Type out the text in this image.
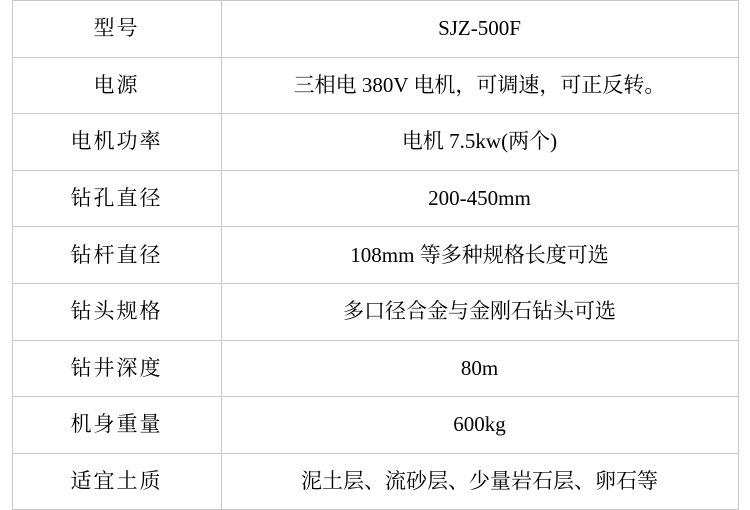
型号	SJZ-500F
电源	三相电 380V 电机，可调速，可正反转。
电机功率	电机 7.5kw(两个)
钻孔直径	200-450mm
钻杆直径	108mm 等多种规格长度可选
钻头规格	多口径合金与金刚石钻头可选
钻井深度	80m
机身重量	600kg
适宜土质	泥土层、流砂层、少量岩石层、卵石等
